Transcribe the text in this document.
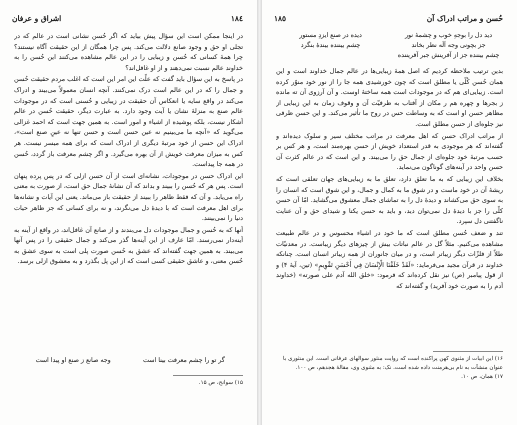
١٨٥	حُسن و مراتب ادراک آن
دید دل را بوجهِ خوب و چشمهٔ نور
جز بچونی وجه اَلَه نظر بخاند
چشم بیننده جز از آفرینش جبر آفریننده
دیده در صنع ایزدِ مستور
چشم بیننده بیندهٔ بنگرد

بدین ترتیب ملاحظه کردیم که اصل همهٔ زیبایی‌ها در عالم جمال خداوند است و این همان حُسن کُلّی یا مطلق است که چون خورشیدی همه جا را از نور خود منوّر کرده است. زیبایی‌ای هم که در موجودات است همه ساختهٔ اوست. و آن آرزوی آن ته مانده ز بجرها و چهره هم ر مکان از آفتاب به ظرفیّت آن و وقوف زمان به این زیبایی از مظاهر حسن او است که به وساطت حس در روح ما تأثیر می‌کند. و این حسن ظرفی نیز جلوه‌ای از حسن مطلق است.

از مراتب ادراک حسن که اهل معرفت در مراتب مختلف سیر و سلوک دیده‌اند و گفته‌اند که هر موجودی به قدر استعداد خویش از حسن بهره‌مند است، و هر کس بر حسب مرتبهٔ خود جلوه‌ای از جمال حق را می‌بیند. و این است که در عالم کثرت آن حسن واحد در آینه‌های گوناگون می‌نماید.

بخلاف این زیبایی که به ما تعلق دارد، تعلق ما به زیبایی‌های جهان تعلقی است که ریشهٔ آن در خود ماست و در شوق ما به کمال و جمال، و این شوق است که انسان را به سوی حق می‌کشاند و دیدهٔ دل را به تماشای جمال معشوق می‌گشاید. امّا آن حسن کلّی را جز با دیدهٔ دل نمی‌توان دید، و باید به حسن یکتا و شیدای حق و آن عنایت ناگفتنی دل سپرد.

تند و ضعف حُسن مطلق است که ما خود در اشیاء محسوس و در عالم طبیعت مشاهده می‌کنیم. مثلاً گل در عالم نباتات بیش از چیزهای دیگر زیباست. در معدنیّات طلاً از فلزّات دیگر زیباتر است، و در میان جانوران از همه زیباتر انسان است. چنانکه خداوند در قرآن مجید می‌فرماید: «لَقَدْ خَلَقْنَا الْإِنْسَانَ فِي أَحْسَنِ تَقْوِيمٍ» (تین، آیهٔ ۴) و از قول پیامبر (ص) نیز نقل کرده‌اند که فرمود: «خلق الله آدم علی صورته» (خداوند آدم را به صورت خود آفرید) و گفته‌اند که

۱۶) این ابیات از مثنوی کهن پراکنده است که روایت منثور سوالهای عرفانی است. این منثوری با عنوان منشآت به نام بی‌هرمنت داده شده است. نک: به مثنوی وی، مقالهٔ هجدهم، ص ۱۰۰.
۱۷) همان، ص ۱۰.
١٨٤
اشراق و عرفان

در اینجا ممکن است این سؤال پیش بیاید که اگر حُسن نشانی است در عالم که در تجلی او حق و وجود صانع دلالت می‌کند. پس چرا همگان از این حقیقت آگاه نیستند؟ چرا همهٔ کسانی که حُسن و زیبایی را در این عالم مشاهده می‌کنند این حُسن را به خداوند عالم نسبت نمی‌دهند و از او غافل‌اند؟

در پاسخ به این سؤال باید گفت که علّت این امر این است که اغلب مردم حقیقت حُسن و جمال را که در این عالم است درک نمی‌کنند. آنچه انسان معمولاً می‌بیند و ادراک می‌کند در واقع سایه یا انعکاس آن حقیقت در زیبایی و حُسنی است که در موجودات عالم صنع به منزلهٔ نشان یا آیت وجود دارد. به عبارت دیگر، حقیقت حُسن در عالم آشکار نیست، بلکه پوشیده از اشیاء و امور است. به همین جهت است که احمد غزالی می‌گوید که «آنچه ما می‌بینیم نه عین حسن است و حسن تنها نه عینِ صنع است»، ادراک این حسن از خود مرتبهٔ دیگری از ادراک است که برای همه میسر نیست. هر کس به میزان معرفت خویش از آن بهره می‌گیرد. و اگر چشم معرفت باز گردد، حُسن در همه جا پیداست.

این ادراک حسن در موجودات، نشانه‌ای است از آن حسن ازلی که در پس پرده پنهان است. پس هر که حُسن را ببیند و بداند که آن نشانهٔ جمال حق است، از صورت به معنی راه می‌یابد. و آن که فقط ظاهر را ببیند از حقیقت باز می‌ماند. یعنی این آیات و نشانه‌ها برای اهل معرفت است که با دیدهٔ دل می‌نگرند، و نه برای کسانی که جز ظاهر حیات دنیا را نمی‌بینند.

آنها که به حُسن و جمال موجودات دل می‌بندند و از صانع آن غافل‌اند، در واقع از آینه به آینه‌دار نمی‌رسند. امّا عارف از این آینه‌ها گذر می‌کند و جمال حقیقی را در پس آنها می‌بیند. به همین جهت گفته‌اند که عشق به حُسن صورت پلی است به سوی عشق به حُسن معنی، و عاشق حقیقی کسی است که از این پل بگذرد و به معشوق ازلی برسد.

گر تو را چشم معرفت بینا است
وجه صانع ز صنع او پیدا است
۱۵) سوانح، ص ۱۵.
